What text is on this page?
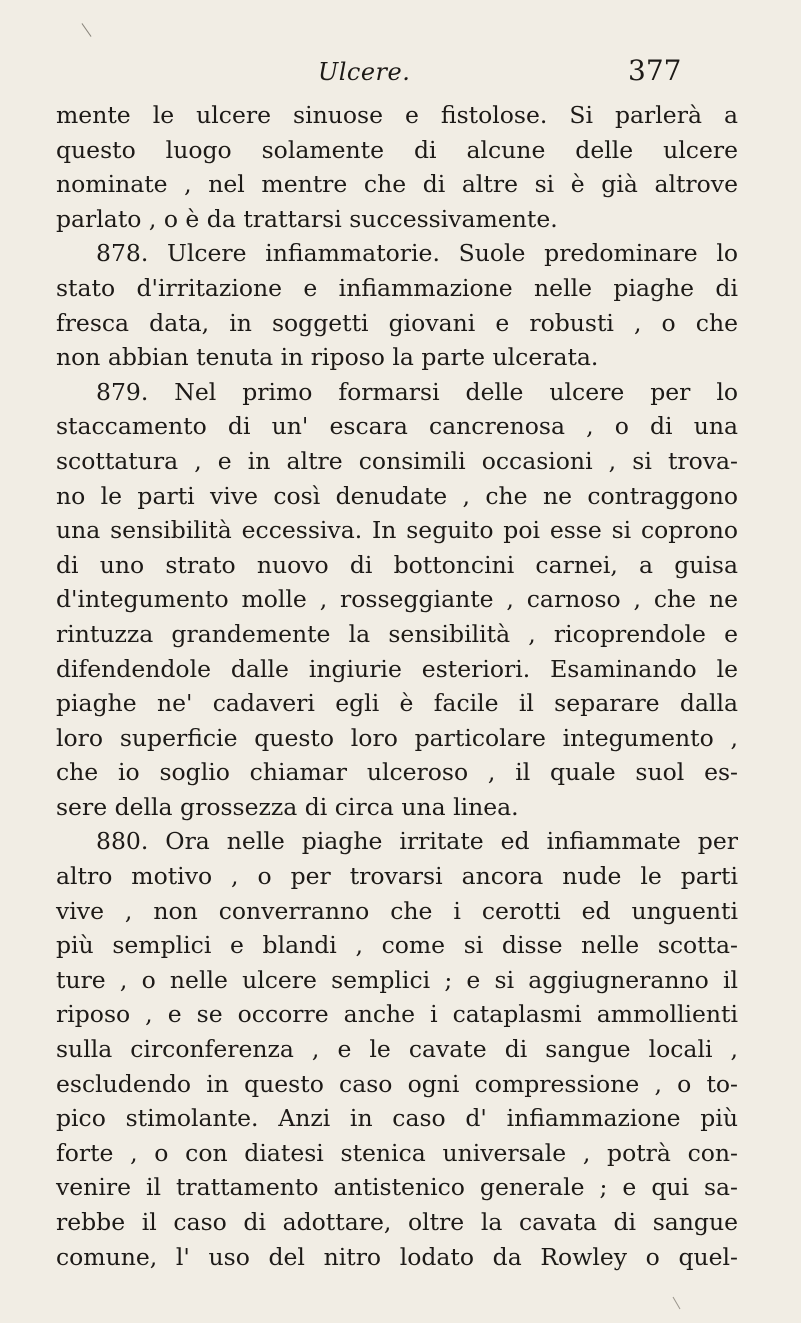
Ulcere.	377
mente le ulcere sinuose e fistolose. Si parlerà a
questo luogo solamente di alcune delle ulcere
nominate , nel mentre che di altre si è già altrove
parlato , o è da trattarsi successivamente.
878. Ulcere infiammatorie. Suole predominare lo
stato d'irritazione e infiammazione nelle piaghe di
fresca data, in soggetti giovani e robusti , o che
non abbian tenuta in riposo la parte ulcerata.
879. Nel primo formarsi delle ulcere per lo
staccamento di un' escara cancrenosa , o di una
scottatura , e in altre consimili occasioni , si trova-
no le parti vive così denudate , che ne contraggono
una sensibilità eccessiva. In seguito poi esse si coprono
di uno strato nuovo di bottoncini carnei, a guisa
d'integumento molle , rosseggiante , carnoso , che ne
rintuzza grandemente la sensibilità , ricoprendole e
difendendole dalle ingiurie esteriori. Esaminando le
piaghe ne' cadaveri egli è facile il separare dalla
loro superficie questo loro particolare integumento ,
che io soglio chiamar ulceroso , il quale suol es-
sere della grossezza di circa una linea.
880. Ora nelle piaghe irritate ed infiammate per
altro motivo , o per trovarsi ancora nude le parti
vive , non converranno che i cerotti ed unguenti
più semplici e blandi , come si disse nelle scotta-
ture , o nelle ulcere semplici ; e si aggiugneranno il
riposo , e se occorre anche i cataplasmi ammollienti
sulla circonferenza , e le cavate di sangue locali ,
escludendo in questo caso ogni compressione , o to-
pico stimolante. Anzi in caso d' infiammazione più
forte , o con diatesi stenica universale , potrà con-
venire il trattamento antistenico generale ; e qui sa-
rebbe il caso di adottare, oltre la cavata di sangue
comune, l' uso del nitro lodato da Rowley o quel-
